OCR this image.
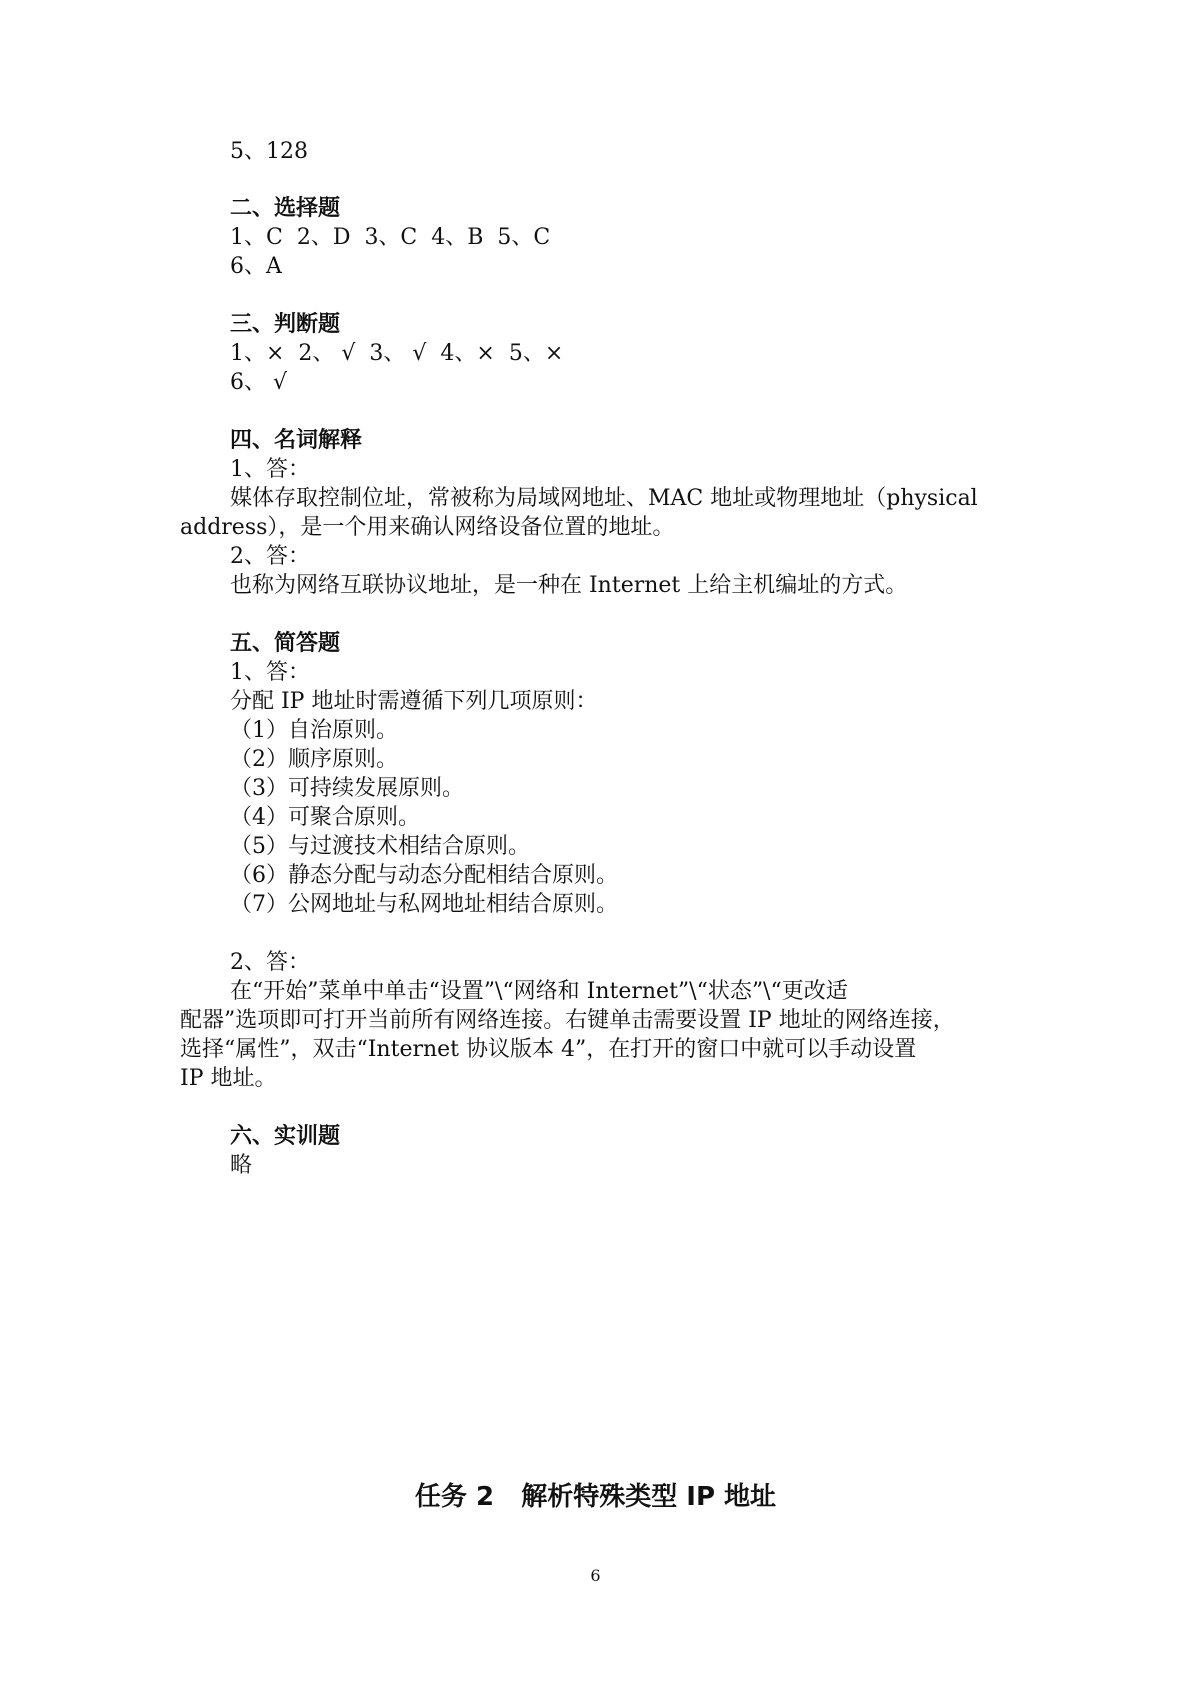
5、128
二、选择题
1、C  2、D  3、C  4、B  5、C
6、A
三、判断题
1、×  2、 √  3、 √  4、×  5、×
6、 √
四、名词解释
1、答：
媒体存取控制位址，常被称为局域网地址、MAC 地址或物理地址（physical
address），是一个用来确认网络设备位置的地址。
2、答：
也称为网络互联协议地址，是一种在 Internet 上给主机编址的方式。
五、简答题
1、答：
分配 IP 地址时需遵循下列几项原则：
（1）自治原则。
（2）顺序原则。
（3）可持续发展原则。
（4）可聚合原则。
（5）与过渡技术相结合原则。
（6）静态分配与动态分配相结合原则。
（7）公网地址与私网地址相结合原则。
2、答：
在“开始”菜单中单击“设置”\“网络和 Internet”\“状态”\“更改适
配器”选项即可打开当前所有网络连接。右键单击需要设置 IP 地址的网络连接，
选择“属性”，双击“Internet 协议版本 4”，在打开的窗口中就可以手动设置
IP 地址。
六、实训题
略
任务 2   解析特殊类型 IP 地址
6
